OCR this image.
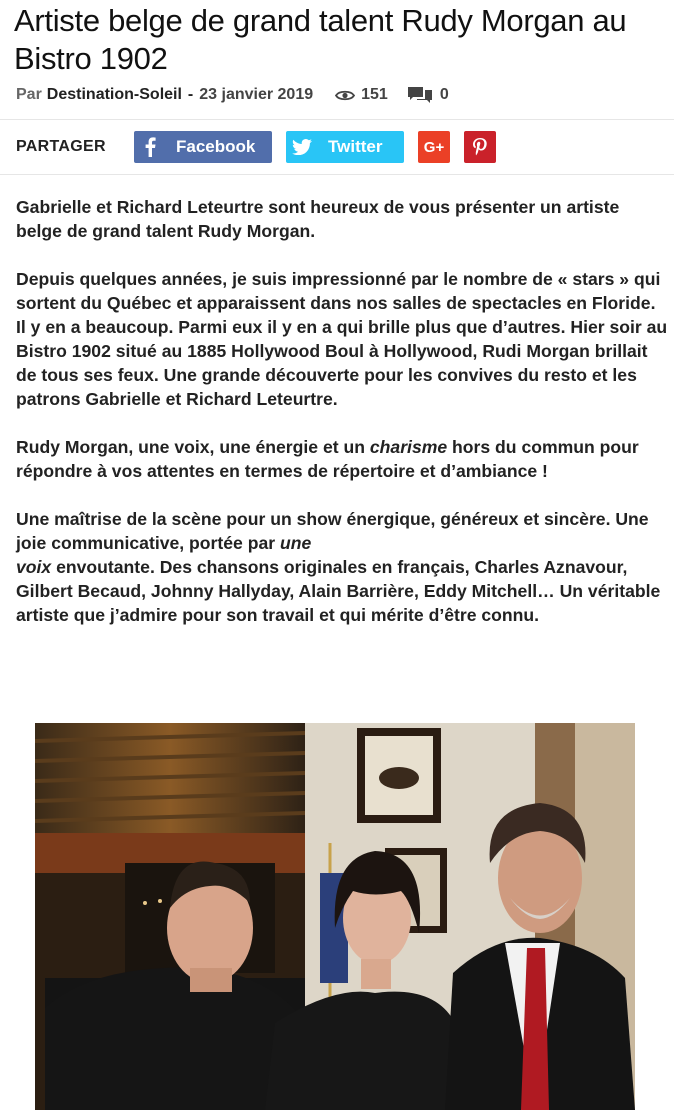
Artiste belge de grand talent Rudy Morgan au Bistro 1902
Par Destination-Soleil - 23 janvier 2019	151	0
PARTAGER	Facebook	Twitter	G+

Gabrielle et Richard Leteurtre sont heureux de vous présenter un artiste belge de grand talent Rudy Morgan.

Depuis quelques années, je suis impressionné par le nombre de « stars » qui sortent du Québec et apparaissent dans nos salles de spectacles en Floride. Il y en a beaucoup. Parmi eux il y en a qui brille plus que d’autres. Hier soir au Bistro 1902 situé au 1885 Hollywood Boul à Hollywood, Rudi Morgan brillait de tous ses feux. Une grande découverte pour les convives du resto et les patrons Gabrielle et Richard Leteurtre.

Rudy Morgan, une voix, une énergie et un charisme hors du commun pour répondre à vos attentes en termes de répertoire et d’ambiance !

Une maîtrise de la scène pour un show énergique, généreux et sincère. Une joie communicative, portée par une
voix envoutante. Des chansons originales en français, Charles Aznavour, Gilbert Becaud, Johnny Hallyday, Alain Barrière, Eddy Mitchell… Un véritable artiste que j’admire pour son travail et qui mérite d’être connu.
